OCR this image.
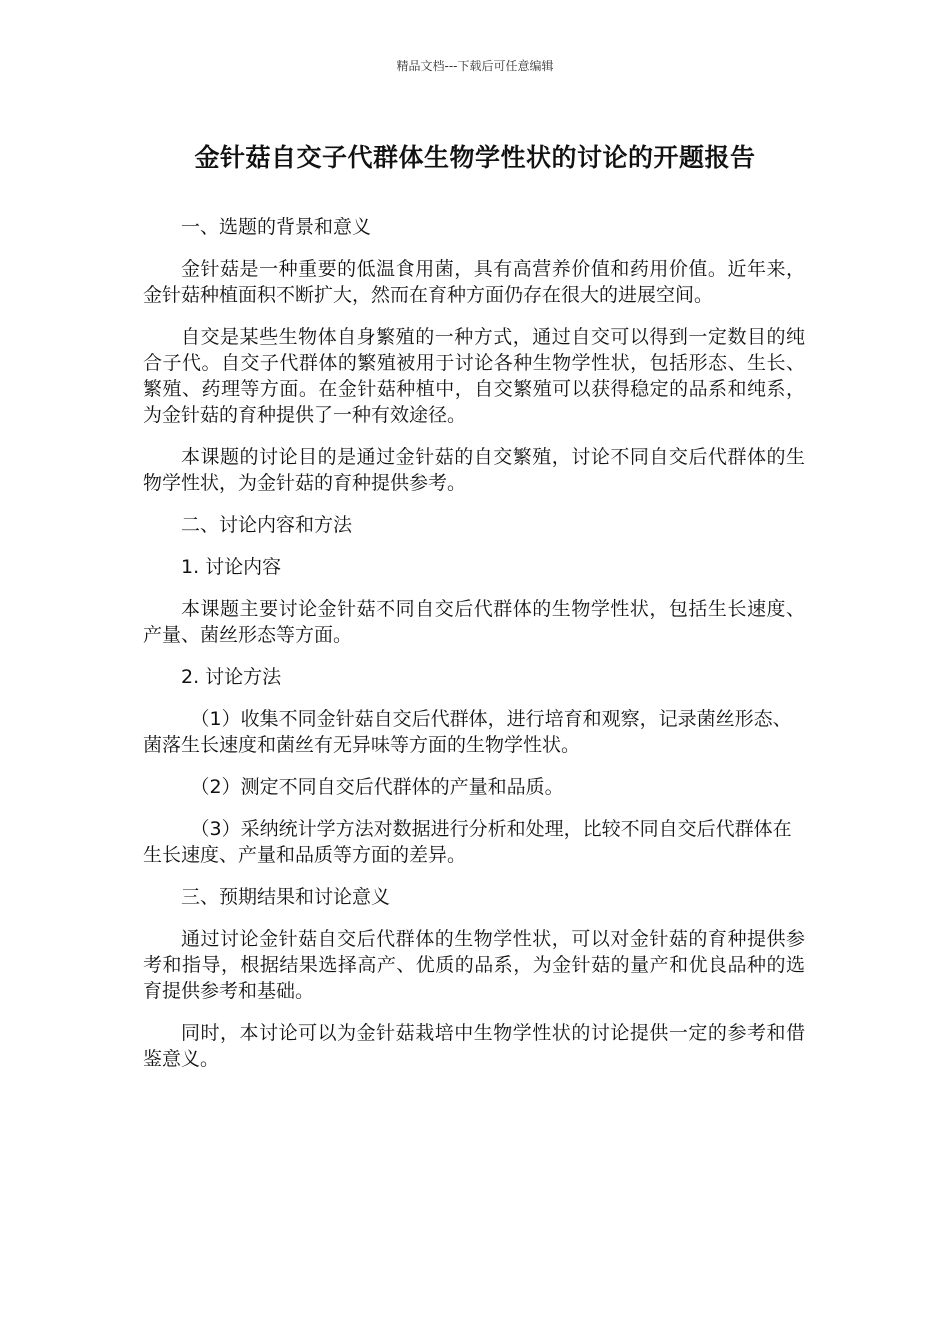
精品文档---下载后可任意编辑
金针菇自交子代群体生物学性状的讨论的开题报告
一、选题的背景和意义
金针菇是一种重要的低温食用菌，具有高营养价值和药用价值。近年来，金针菇种植面积不断扩大，然而在育种方面仍存在很大的进展空间。
自交是某些生物体自身繁殖的一种方式，通过自交可以得到一定数目的纯合子代。自交子代群体的繁殖被用于讨论各种生物学性状，包括形态、生长、繁殖、药理等方面。在金针菇种植中，自交繁殖可以获得稳定的品系和纯系，为金针菇的育种提供了一种有效途径。
本课题的讨论目的是通过金针菇的自交繁殖，讨论不同自交后代群体的生物学性状，为金针菇的育种提供参考。
二、讨论内容和方法
1. 讨论内容
本课题主要讨论金针菇不同自交后代群体的生物学性状，包括生长速度、产量、菌丝形态等方面。
2. 讨论方法
（1）收集不同金针菇自交后代群体，进行培育和观察，记录菌丝形态、菌落生长速度和菌丝有无异味等方面的生物学性状。
（2）测定不同自交后代群体的产量和品质。
（3）采纳统计学方法对数据进行分析和处理，比较不同自交后代群体在生长速度、产量和品质等方面的差异。
三、预期结果和讨论意义
通过讨论金针菇自交后代群体的生物学性状，可以对金针菇的育种提供参考和指导，根据结果选择高产、优质的品系，为金针菇的量产和优良品种的选育提供参考和基础。
同时，本讨论可以为金针菇栽培中生物学性状的讨论提供一定的参考和借鉴意义。
